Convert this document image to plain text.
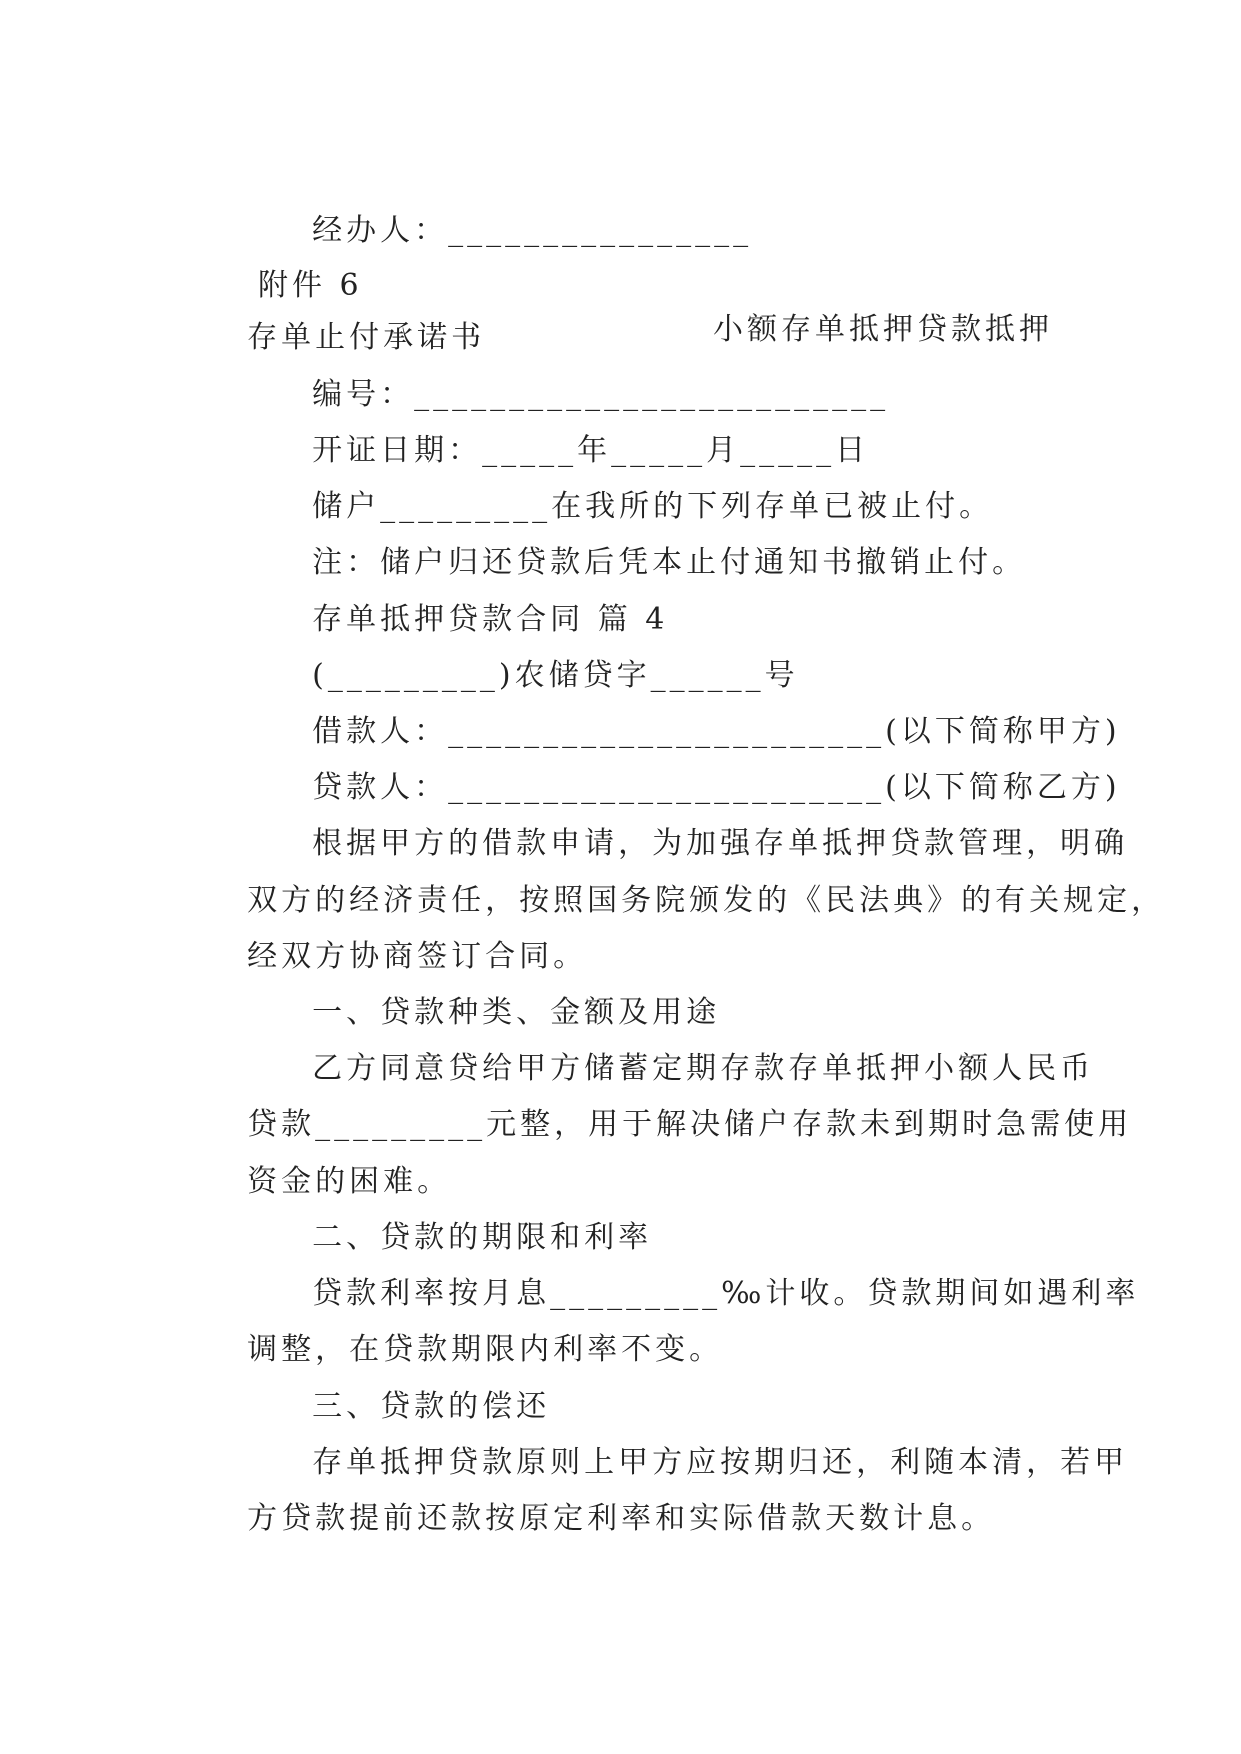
经办人：________________

附件 6

小额存单抵押贷款抵押

存单止付承诺书

编号：_________________________

开证日期：_____年_____月_____日

储户_________在我所的下列存单已被止付。

注：储户归还贷款后凭本止付通知书撤销止付。

存单抵押贷款合同 篇 4

(_________)农储贷字______号

借款人：_______________________(以下简称甲方)

贷款人：_______________________(以下简称乙方)

根据甲方的借款申请，为加强存单抵押贷款管理，明确

双方的经济责任，按照国务院颁发的《民法典》的有关规定，

经双方协商签订合同。

一、贷款种类、金额及用途

乙方同意贷给甲方储蓄定期存款存单抵押小额人民币

贷款_________元整，用于解决储户存款未到期时急需使用

资金的困难。

二、贷款的期限和利率

贷款利率按月息_________‰计收。贷款期间如遇利率

调整，在贷款期限内利率不变。

三、贷款的偿还

存单抵押贷款原则上甲方应按期归还，利随本清，若甲

方贷款提前还款按原定利率和实际借款天数计息。
